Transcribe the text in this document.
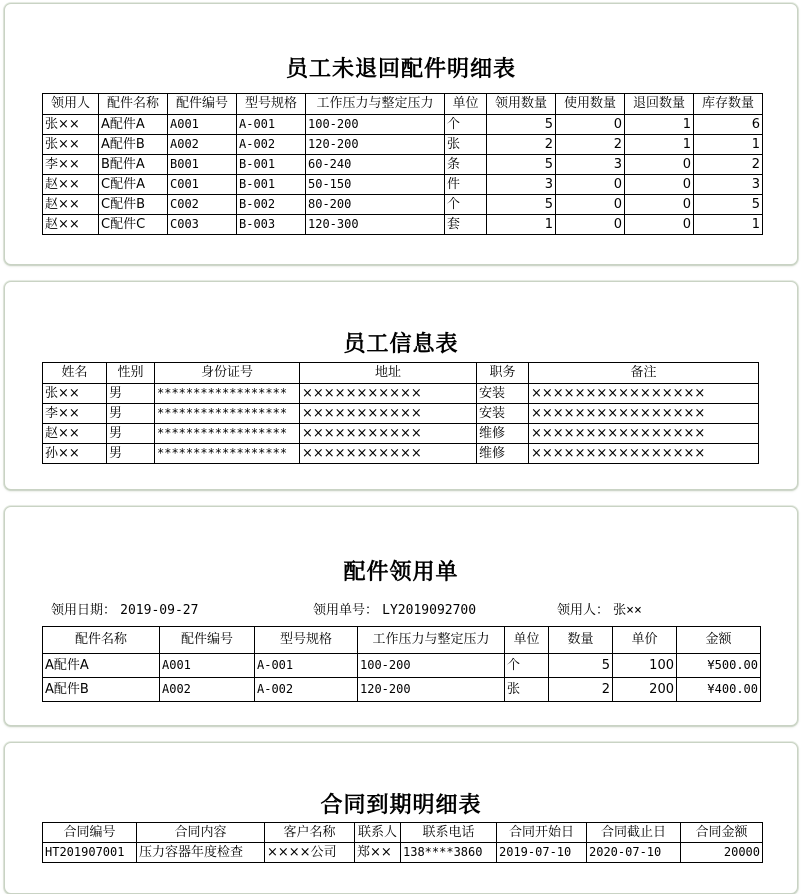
员工未退回配件明细表
领用人	配件名称	配件编号	型号规格	工作压力与整定压力	单位	领用数量	使用数量	退回数量	库存数量
张××	A配件A	A001	A-001	100-200	个	5	0	1	6
张××	A配件B	A002	A-002	120-200	张	2	2	1	1
李××	B配件A	B001	B-001	60-240	条	5	3	0	2
赵××	C配件A	C001	B-001	50-150	件	3	0	0	3
赵××	C配件B	C002	B-002	80-200	个	5	0	0	5
赵××	C配件C	C003	B-003	120-300	套	1	0	0	1
员工信息表
姓名	性别	身份证号	地址	职务	备注
张××	男	******************	×××××××××××	安装	××××××××××××××××
李××	男	******************	×××××××××××	安装	××××××××××××××××
赵××	男	******************	×××××××××××	维修	××××××××××××××××
孙××	男	******************	×××××××××××	维修	××××××××××××××××
配件领用单
领用日期： 2019-09-27	领用单号： LY2019092700	领用人： 张××
配件名称	配件编号	型号规格	工作压力与整定压力	单位	数量	单价	金额
A配件A	A001	A-001	100-200	个	5	100	¥500.00
A配件B	A002	A-002	120-200	张	2	200	¥400.00
合同到期明细表
合同编号	合同内容	客户名称	联系人	联系电话	合同开始日	合同截止日	合同金额
HT201907001	压力容器年度检查	××××公司	郑××	138****3860	2019-07-10	2020-07-10	20000
